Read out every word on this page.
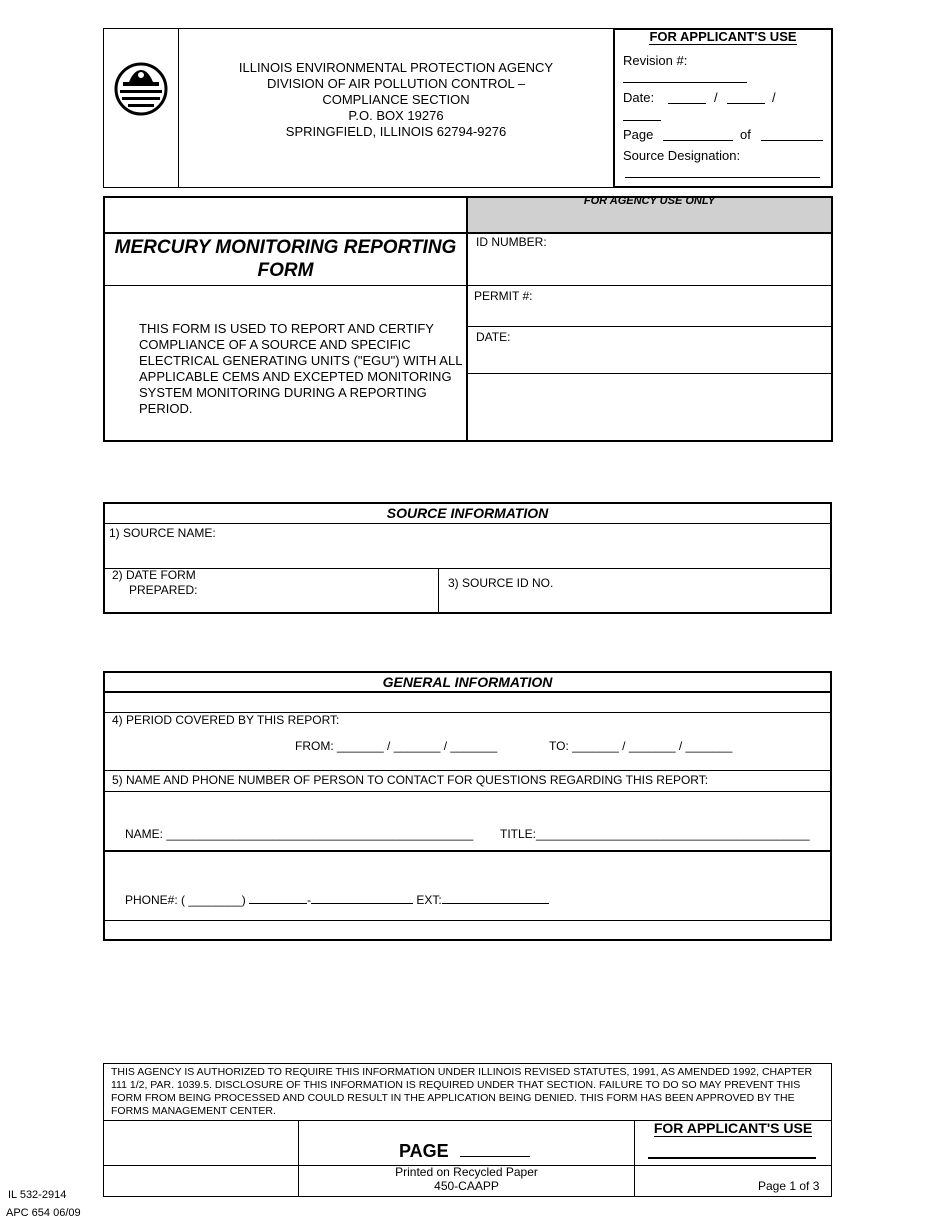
ILLINOIS ENVIRONMENTAL PROTECTION AGENCY
DIVISION OF AIR POLLUTION CONTROL –
COMPLIANCE SECTION
P.O. BOX 19276
SPRINGFIELD, ILLINOIS 62794-9276
FOR APPLICANT'S USE
Revision #:
Date:	/	/
Page	of
Source Designation:
FOR AGENCY USE ONLY
MERCURY MONITORING REPORTING FORM
THIS FORM IS USED TO REPORT AND CERTIFY COMPLIANCE OF A SOURCE AND SPECIFIC ELECTRICAL GENERATING UNITS ("EGU") WITH ALL APPLICABLE CEMS AND EXCEPTED MONITORING SYSTEM MONITORING DURING A REPORTING PERIOD.
ID NUMBER:
PERMIT #:
DATE:
SOURCE INFORMATION
1) SOURCE NAME:
2) DATE FORM
PREPARED:	3) SOURCE ID NO.
GENERAL INFORMATION
4) PERIOD COVERED BY THIS REPORT:
FROM: _______ / _______ / _______	TO: _______ / _______ / _______
5) NAME AND PHONE NUMBER OF PERSON TO CONTACT FOR QUESTIONS REGARDING THIS REPORT:
NAME: ______________________________________________ TITLE:_________________________________________
PHONE#: ( ________)	-	EXT:
THIS AGENCY IS AUTHORIZED TO REQUIRE THIS INFORMATION UNDER ILLINOIS REVISED STATUTES, 1991, AS AMENDED 1992, CHAPTER 111 1/2, PAR. 1039.5. DISCLOSURE OF THIS INFORMATION IS REQUIRED UNDER THAT SECTION. FAILURE TO DO SO MAY PREVENT THIS FORM FROM BEING PROCESSED AND COULD RESULT IN THE APPLICATION BEING DENIED. THIS FORM HAS BEEN APPROVED BY THE FORMS MANAGEMENT CENTER.
PAGE
FOR APPLICANT'S USE
Printed on Recycled Paper
450-CAAPP	Page 1 of 3
IL 532-2914
APC 654 06/09
